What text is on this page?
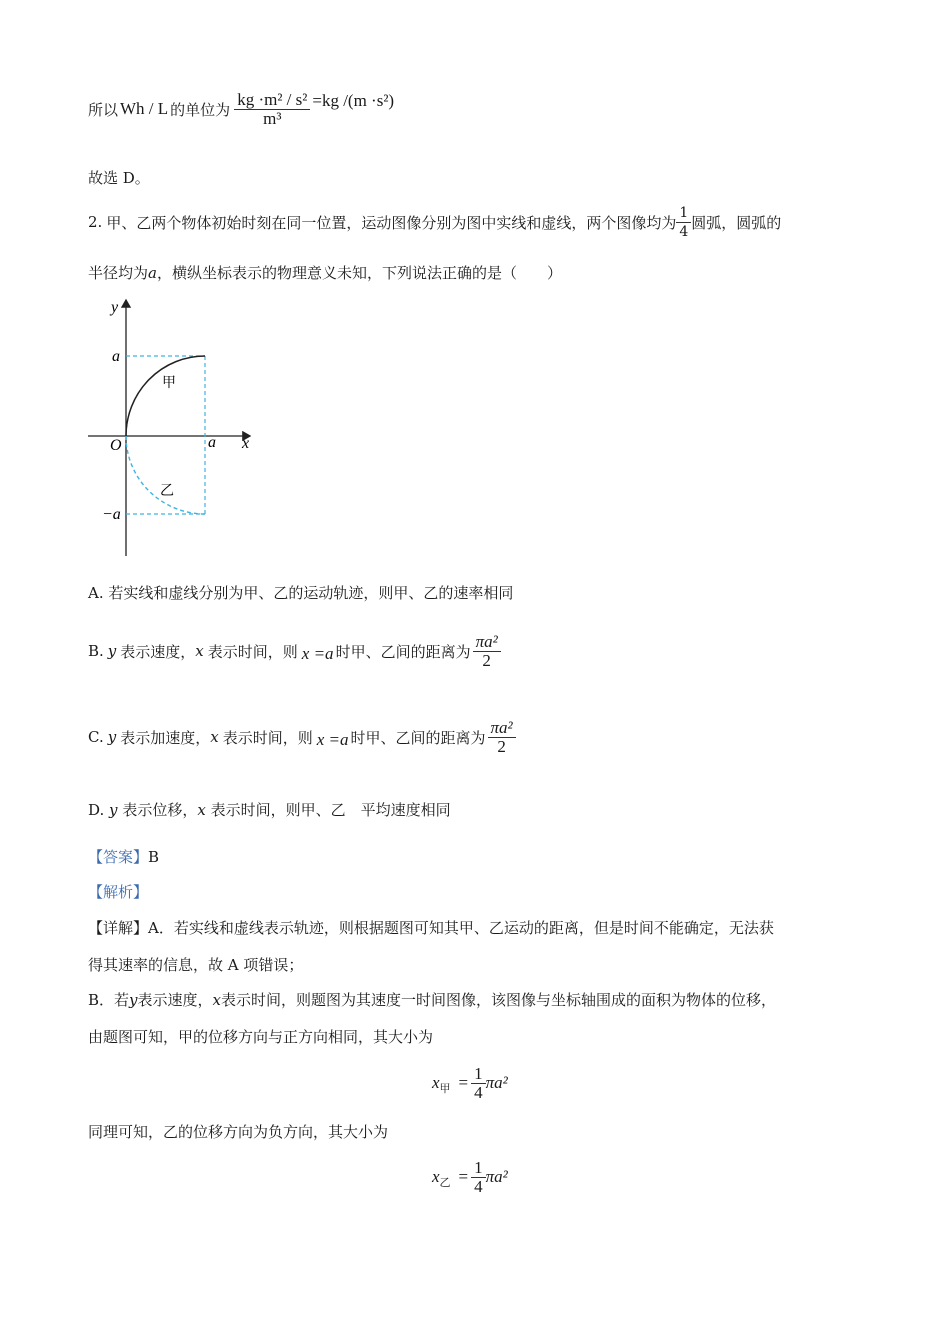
所以 Wh / L 的单位为 $\frac{\text{kg ·m² / s²}}{\text{m³}} =kg$ /(m ·s²)
故选 D。
2. 甲、乙两个物体初始时刻在同一位置，运动图像分别为图中实线和虚线，两个图像均为 $\frac{1}{4}$ 圆弧，圆弧的
半径均为a，横纵坐标表示的物理意义未知，下列说法正确的是（　　）
y
x
O
a
a
−a
甲
乙
A. 若实线和虚线分别为甲、乙的运动轨迹，则甲、乙的速率相同
B. y 表示速度， x 表示时间，则 x =a 时甲、乙间的距离为 $\frac{\text{πa²}}{2}$
C. y 表示加速度， x 表示时间，则 x =a 时甲、乙间的距离为 $\frac{\text{πa²}}{2}$
D. y 表示位移，x 表示时间，则甲、乙　平均速度相同
【答案】B
【解析】
【详解】A．若实线和虚线表示轨迹，则根据题图可知其甲、乙运动的距离，但是时间不能确定，无法获
得其速率的信息，故 A 项错误；
B．若y表示速度，x表示时间，则题图为其速度一时间图像，该图像与坐标轴围成的面积为物体的位移，
由题图可知，甲的位移方向与正方向相同，其大小为
$x_甲 = \frac{1}{4} \pi a^2$
同理可知，乙的位移方向为负方向，其大小为
$x_乙 = \frac{1}{4} \pi a^2$
